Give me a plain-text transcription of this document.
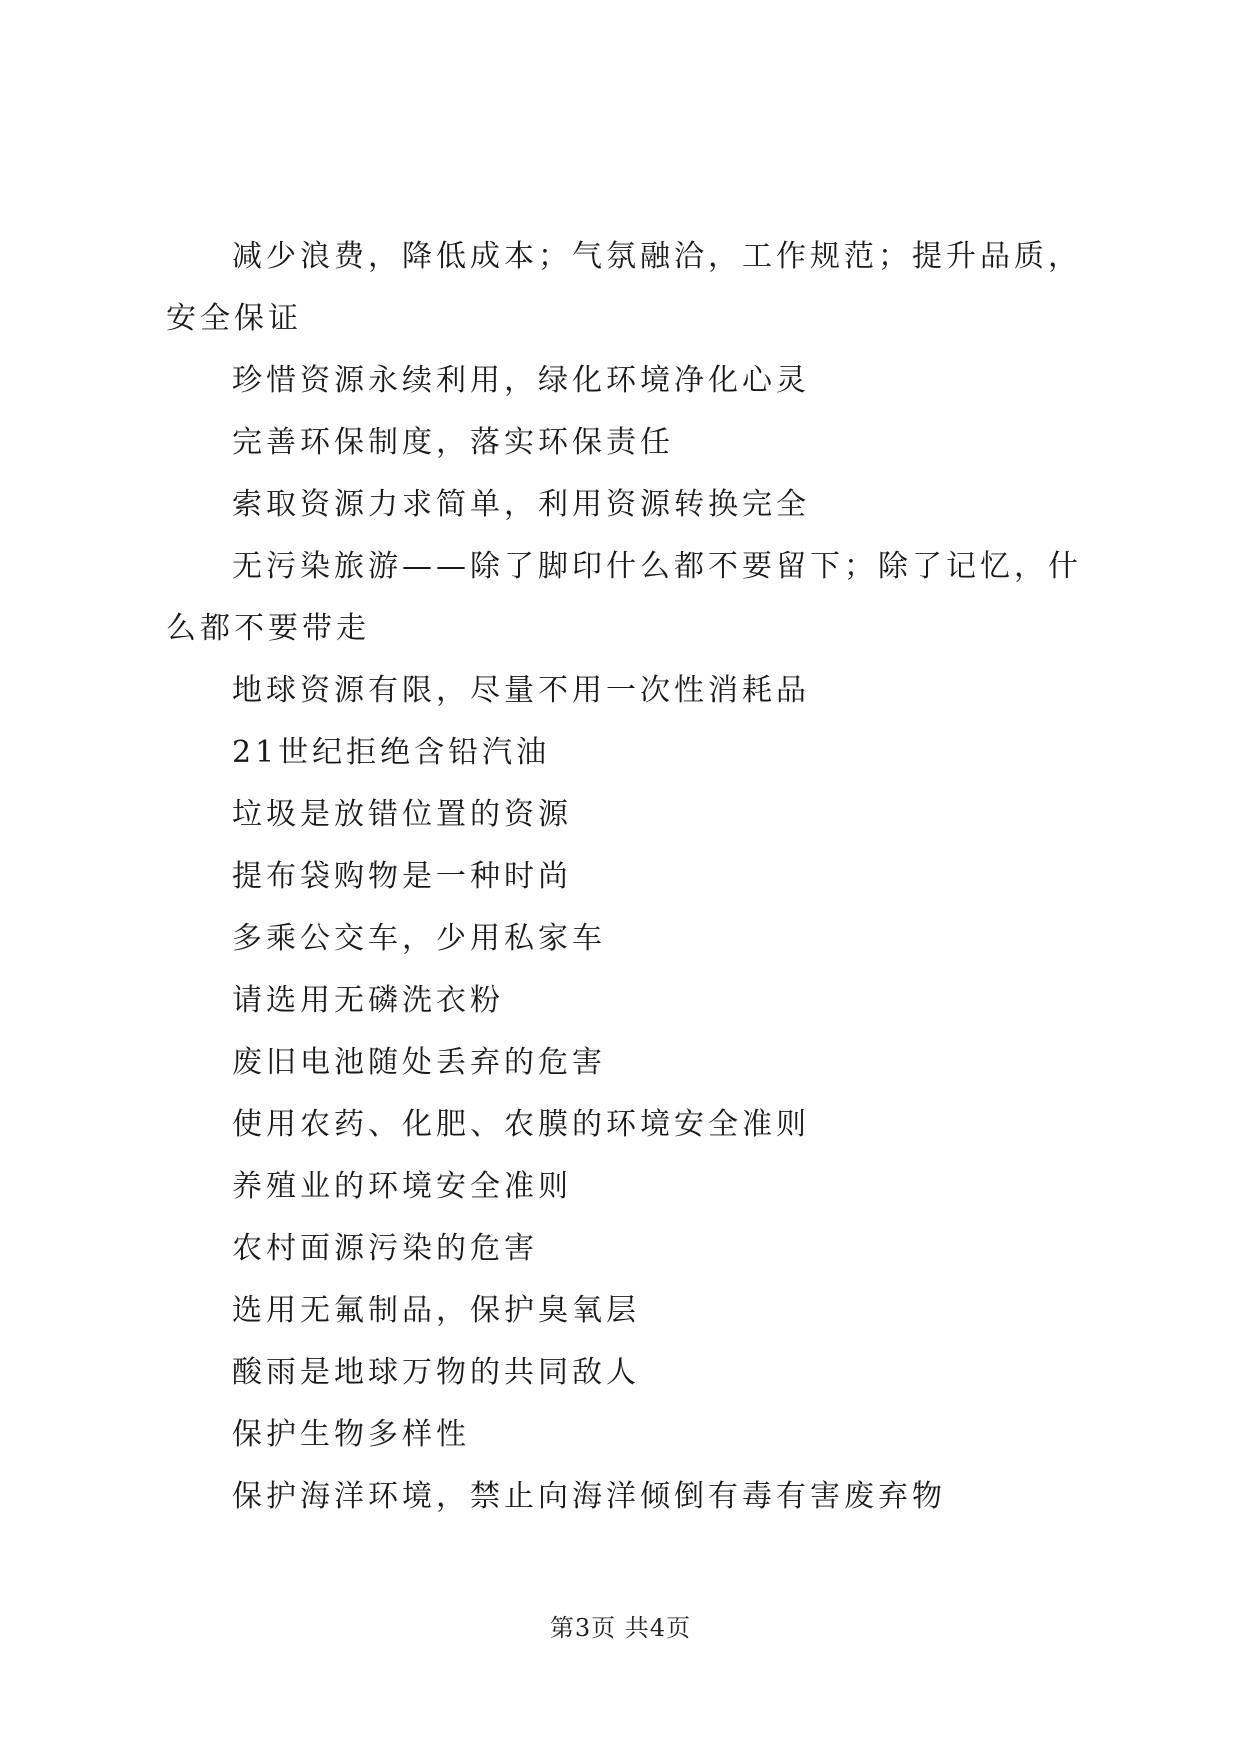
减少浪费，降低成本；气氛融洽，工作规范；提升品质，安全保证

珍惜资源永续利用，绿化环境净化心灵

完善环保制度，落实环保责任

索取资源力求简单，利用资源转换完全

无污染旅游——除了脚印什么都不要留下；除了记忆，什么都不要带走

地球资源有限，尽量不用一次性消耗品

21世纪拒绝含铅汽油

垃圾是放错位置的资源

提布袋购物是一种时尚

多乘公交车，少用私家车

请选用无磷洗衣粉

废旧电池随处丢弃的危害

使用农药、化肥、农膜的环境安全准则

养殖业的环境安全准则

农村面源污染的危害

选用无氟制品，保护臭氧层

酸雨是地球万物的共同敌人

保护生物多样性

保护海洋环境，禁止向海洋倾倒有毒有害废弃物

第3页 共4页
